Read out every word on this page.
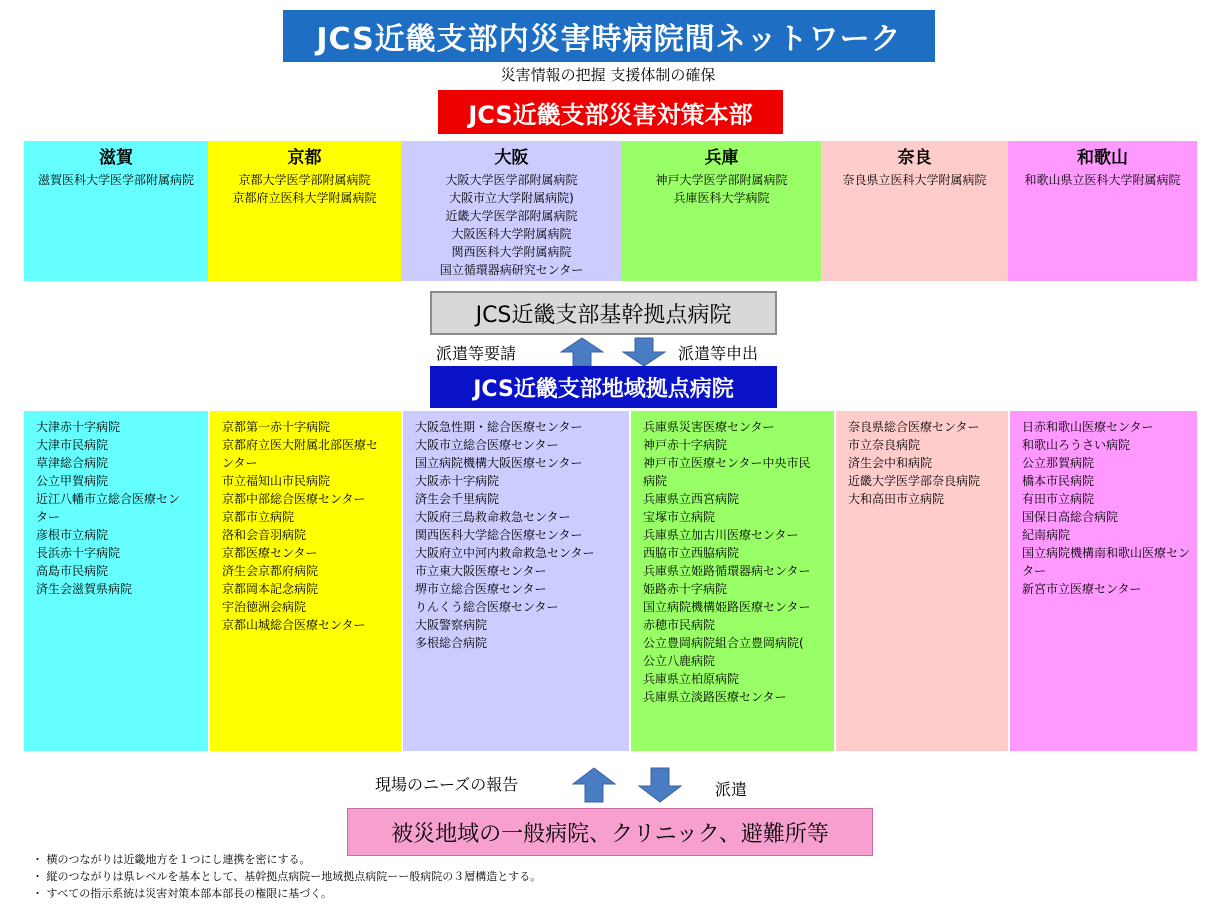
JCS近畿支部内災害時病院間ネットワーク
災害情報の把握 支援体制の確保
JCS近畿支部災害対策本部
滋賀
滋賀医科大学医学部附属病院
京都
京都大学医学部附属病院
京都府立医科大学附属病院
大阪
大阪大学医学部附属病院
大阪市立大学附属病院)
近畿大学医学部附属病院
大阪医科大学附属病院
関西医科大学附属病院
国立循環器病研究センター
兵庫
神戸大学医学部附属病院
兵庫医科大学病院
奈良
奈良県立医科大学附属病院
和歌山
和歌山県立医科大学附属病院
JCS近畿支部基幹拠点病院
派遣等要請	派遣等申出
JCS近畿支部地域拠点病院
大津赤十字病院
大津市民病院
草津総合病院
公立甲賀病院
近江八幡市立総合医療セン
ター
彦根市立病院
長浜赤十字病院
高島市民病院
済生会滋賀県病院
京都第一赤十字病院
京都府立医大附属北部医療セ
ンター
市立福知山市民病院
京都中部総合医療センター
京都市立病院
洛和会音羽病院
京都医療センター
済生会京都府病院
京都岡本記念病院
宇治徳洲会病院
京都山城総合医療センター
大阪急性期・総合医療センター
大阪市立総合医療センター
国立病院機構大阪医療センター
大阪赤十字病院
済生会千里病院
大阪府三島救命救急センター
関西医科大学総合医療センター
大阪府立中河内救命救急センター
市立東大阪医療センター
堺市立総合医療センター
りんくう総合医療センター
大阪警察病院
多根総合病院
兵庫県災害医療センター
神戸赤十字病院
神戸市立医療センター中央市民
病院
兵庫県立西宮病院
宝塚市立病院
兵庫県立加古川医療センター
西脇市立西脇病院
兵庫県立姫路循環器病センター
姫路赤十字病院
国立病院機構姫路医療センター
赤穂市民病院
公立豊岡病院組合立豊岡病院(
公立八鹿病院
兵庫県立柏原病院
兵庫県立淡路医療センター
奈良県総合医療センター
市立奈良病院
済生会中和病院
近畿大学医学部奈良病院
大和高田市立病院
日赤和歌山医療センター
和歌山ろうさい病院
公立那賀病院
橋本市民病院
有田市立病院
国保日高総合病院
紀南病院
国立病院機構南和歌山医療セン
ター
新宮市立医療センター
現場のニーズの報告	派遣
被災地域の一般病院、クリニック、避難所等
・ 横のつながりは近畿地方を１つにし連携を密にする。
・ 縦のつながりは県レベルを基本として、基幹拠点病院ー地域拠点病院ーー般病院の３層構造とする。
・ すべての指示系統は災害対策本部本部長の権限に基づく。
